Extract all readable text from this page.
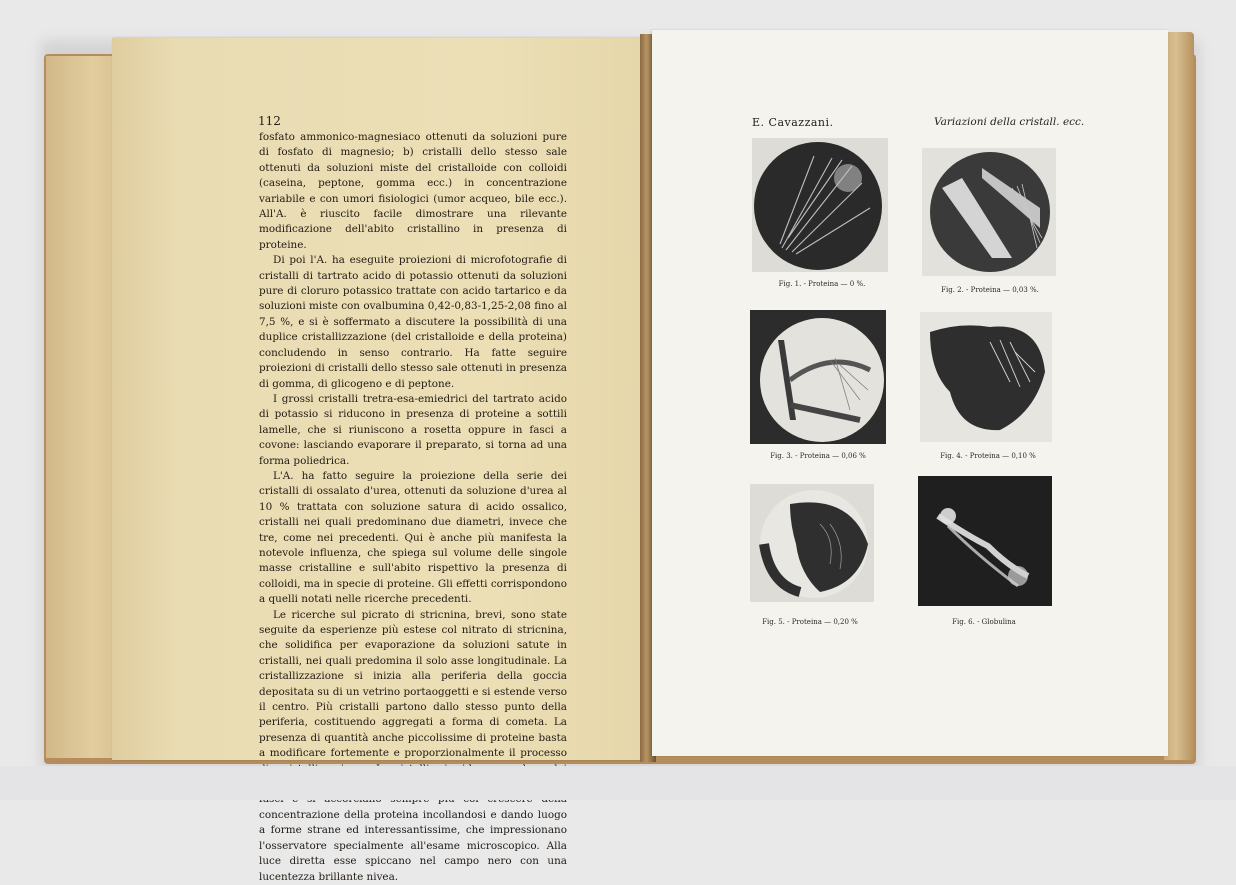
112

fosfato ammonico-magnesiaco ottenuti da soluzioni pure di fosfato di magnesio; b) cristalli dello stesso sale ottenuti da soluzioni miste del cristalloide con colloidi (caseina, peptone, gomma ecc.) in concentrazione variabile e con umori fisiologici (umor acqueo, bile ecc.). All'A. è riuscito facile dimostrare una rilevante modificazione dell'abito cristallino in presenza di proteine.

Di poi l'A. ha eseguite proiezioni di microfotografie di cristalli di tartrato acido di potassio ottenuti da soluzioni pure di cloruro potassico trattate con acido tartarico e da soluzioni miste con ovalbumina 0,42-0,83-1,25-2,08 fino al 7,5 %, e si è soffermato a discutere la possibilità di una duplice cristallizzazione (del cristalloide e della proteina) concludendo in senso contrario. Ha fatte seguire proiezioni di cristalli dello stesso sale ottenuti in presenza di gomma, di glicogeno e di peptone.

I grossi cristalli tretra-esa-emiedrici del tartrato acido di potassio si riducono in presenza di proteine a sottili lamelle, che si riuniscono a rosetta oppure in fasci a covone: lasciando evaporare il preparato, si torna ad una forma poliedrica.

L'A. ha fatto seguire la proiezione della serie dei cristalli di ossalato d'urea, ottenuti da soluzione d'urea al 10 % trattata con soluzione satura di acido ossalico, cristalli nei quali predominano due diametri, invece che tre, come nei precedenti. Qui è anche più manifesta la notevole influenza, che spiega sul volume delle singole masse cristalline e sull'abito rispettivo la presenza di colloidi, ma in specie di proteine. Gli effetti corrispondono a quelli notati nelle ricerche precedenti.

Le ricerche sul picrato di stricnina, brevi, sono state seguite da esperienze più estese col nitrato di stricnina, che solidifica per evaporazione da soluzioni satute in cristalli, nei quali predomina il solo asse longitudinale. La cristallizzazione si inizia alla periferia della goccia depositata su di un vetrino portaoggetti e si estende verso il centro. Più cristalli partono dallo stesso punto della periferia, costituendo aggregati a forma di cometa. La presenza di quantità anche piccolissime di proteine basta a modificare fortemente e proporzionalmente il processo concentrazione della proteina incollandosi e dando luogo a forme strane ed interessantissime, che impressionano l'osservatore specialmente all'esame microscopico. Alla luce diretta esse spiccano nel campo nero con una lucentezza brillante nivea.

E. Cavazzani.	Variazioni della cristall. ecc.
Fig. 1. - Proteina — 0 %.
Fig. 2. - Proteina — 0,03 %.
Fig. 3. - Proteina — 0,06 %	Fig. 4. - Proteina — 0,10 %
Fig. 5. - Proteina — 0,20 %	Fig. 6. - Globulina
